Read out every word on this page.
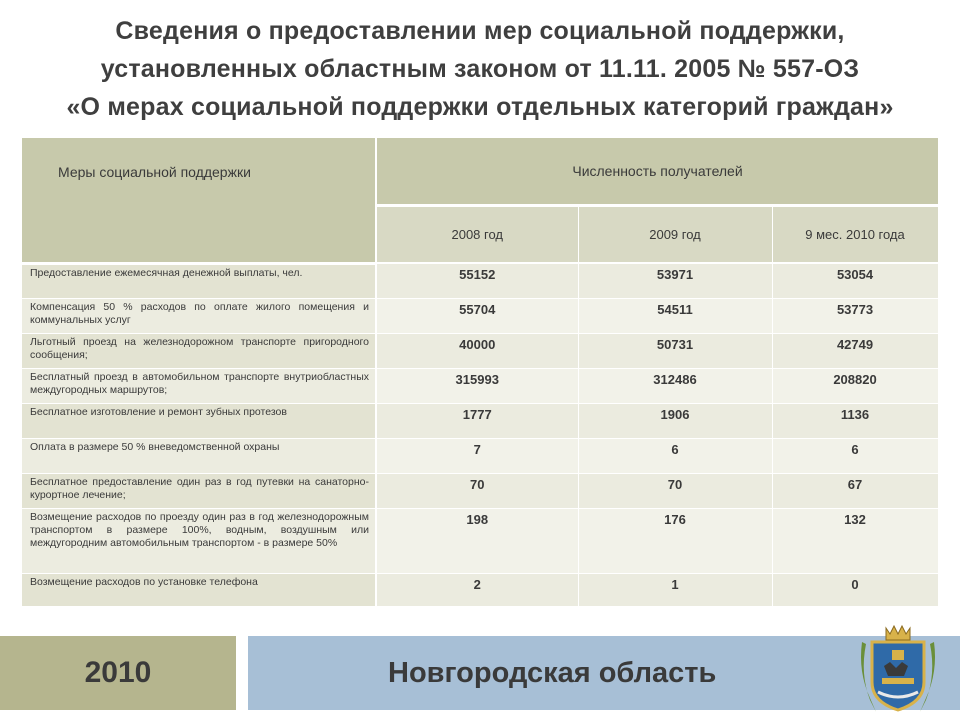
Сведения о предоставлении мер социальной поддержки,
установленных областным законом от 11.11. 2005 № 557-ОЗ
«О мерах социальной поддержки отдельных категорий граждан»
Меры социальной поддержки	Численность получателей		
	2008 год	2009 год	9 мес. 2010 года
Предоставление ежемесячная денежной выплаты, чел.	55152	53971	53054
Компенсация 50 % расходов по оплате жилого помещения и коммунальных услуг	55704	54511	53773
Льготный проезд на железнодорожном транспорте пригородного сообщения;	40000	50731	42749
Бесплатный проезд в автомобильном транспорте внутриобластных междугородных маршрутов;	315993	312486	208820
Бесплатное изготовление и ремонт зубных протезов	1777	1906	1136
Оплата в размере 50 % вневедомственной охраны	7	6	6
Бесплатное предоставление один раз в год путевки на санаторно-курортное лечение;	70	70	67
Возмещение расходов по проезду один раз в год железнодорожным транспортом в размере 100%, водным, воздушным или междугородним автомобильным транспортом - в размере 50%	198	176	132
Возмещение расходов по установке телефона	2	1	0
2010	Новгородская область
